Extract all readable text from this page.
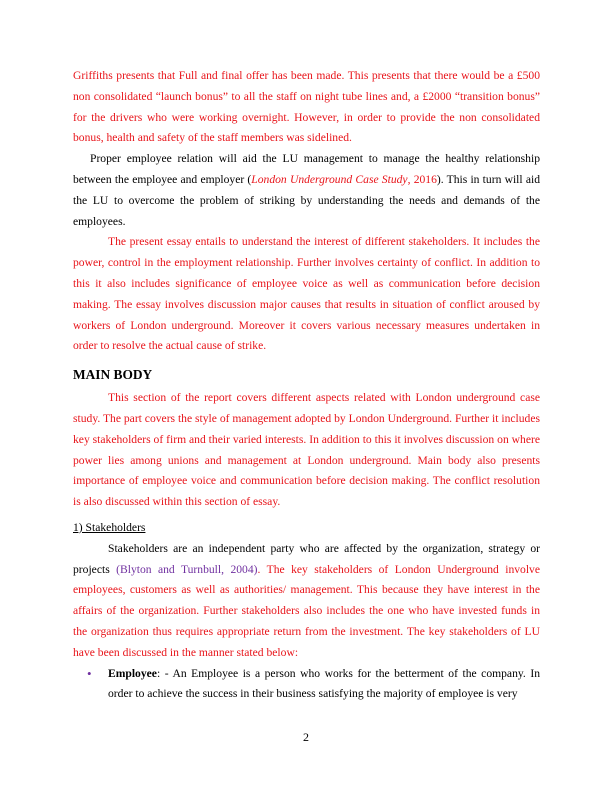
Griffiths presents that Full and final offer has been made. This presents that there would be a £500 non consolidated “launch bonus” to all the staff on night tube lines and, a £2000 “transition bonus” for the drivers who were working overnight. However, in order to provide the non consolidated bonus, health and safety of the staff members was sidelined.

Proper employee relation will aid the LU management to manage the healthy relationship between the employee and employer (London Underground Case Study, 2016). This in turn will aid the LU to overcome the problem of striking by understanding the needs and demands of the employees.

The present essay entails to understand the interest of different stakeholders. It includes the power, control in the employment relationship. Further involves certainty of conflict. In addition to this it also includes significance of employee voice as well as communication before decision making. The essay involves discussion major causes that results in situation of conflict aroused by workers of London underground. Moreover it covers various necessary measures undertaken in order to resolve the actual cause of strike.

MAIN BODY

This section of the report covers different aspects related with London underground case study. The part covers the style of management adopted by London Underground. Further it includes key stakeholders of firm and their varied interests. In addition to this it involves discussion on where power lies among unions and management at London underground. Main body also presents importance of employee voice and communication before decision making. The conflict resolution is also discussed within this section of essay.

1) Stakeholders

Stakeholders are an independent party who are affected by the organization, strategy or projects (Blyton and Turnbull, 2004). The key stakeholders of London Underground involve employees, customers as well as authorities/ management. This because they have interest in the affairs of the organization. Further stakeholders also includes the one who have invested funds in the organization thus requires appropriate return from the investment. The key stakeholders of LU have been discussed in the manner stated below:

• Employee: - An Employee is a person who works for the betterment of the company. In order to achieve the success in their business satisfying the majority of employee is very
2
